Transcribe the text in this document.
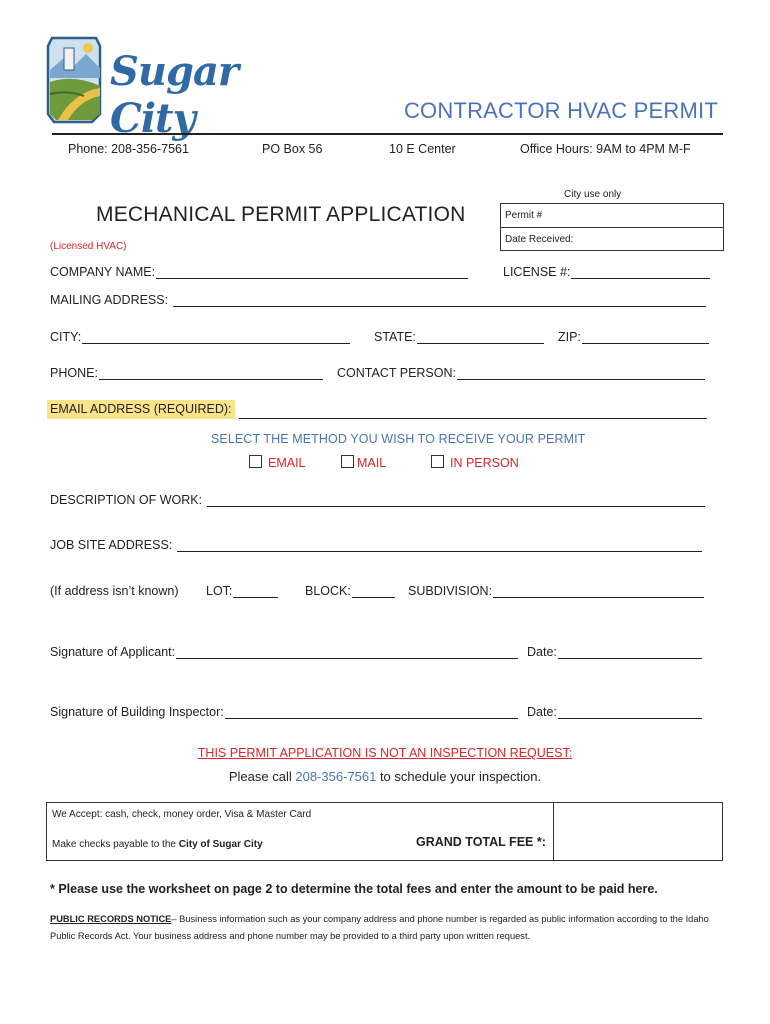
Sugar City	CONTRACTOR HVAC PERMIT
Phone: 208-356-7561	PO Box 56	10 E Center	Office Hours: 9AM to 4PM M-F
MECHANICAL PERMIT APPLICATION
(Licensed HVAC)
City use only
Permit #
Date Received:
COMPANY NAME:	LICENSE #:
MAILING ADDRESS:
CITY:	STATE:	ZIP:
PHONE:	CONTACT PERSON:
EMAIL ADDRESS (REQUIRED):
SELECT THE METHOD YOU WISH TO RECEIVE YOUR PERMIT
EMAIL	MAIL	IN PERSON
DESCRIPTION OF WORK:
JOB SITE ADDRESS:
(If address isn’t known) LOT:	BLOCK:	SUBDIVISION:
Signature of Applicant:	Date:
Signature of Building Inspector:	Date:
THIS PERMIT APPLICATION IS NOT AN INSPECTION REQUEST:
Please call 208-356-7561 to schedule your inspection.
We Accept: cash, check, money order, Visa & Master Card
Make checks payable to the City of Sugar City	GRAND TOTAL FEE *:
* Please use the worksheet on page 2 to determine the total fees and enter the amount to be paid here.
PUBLIC RECORDS NOTICE– Business information such as your company address and phone number is regarded as public information according to the Idaho Public Records Act. Your business address and phone number may be provided to a third party upon written request.
